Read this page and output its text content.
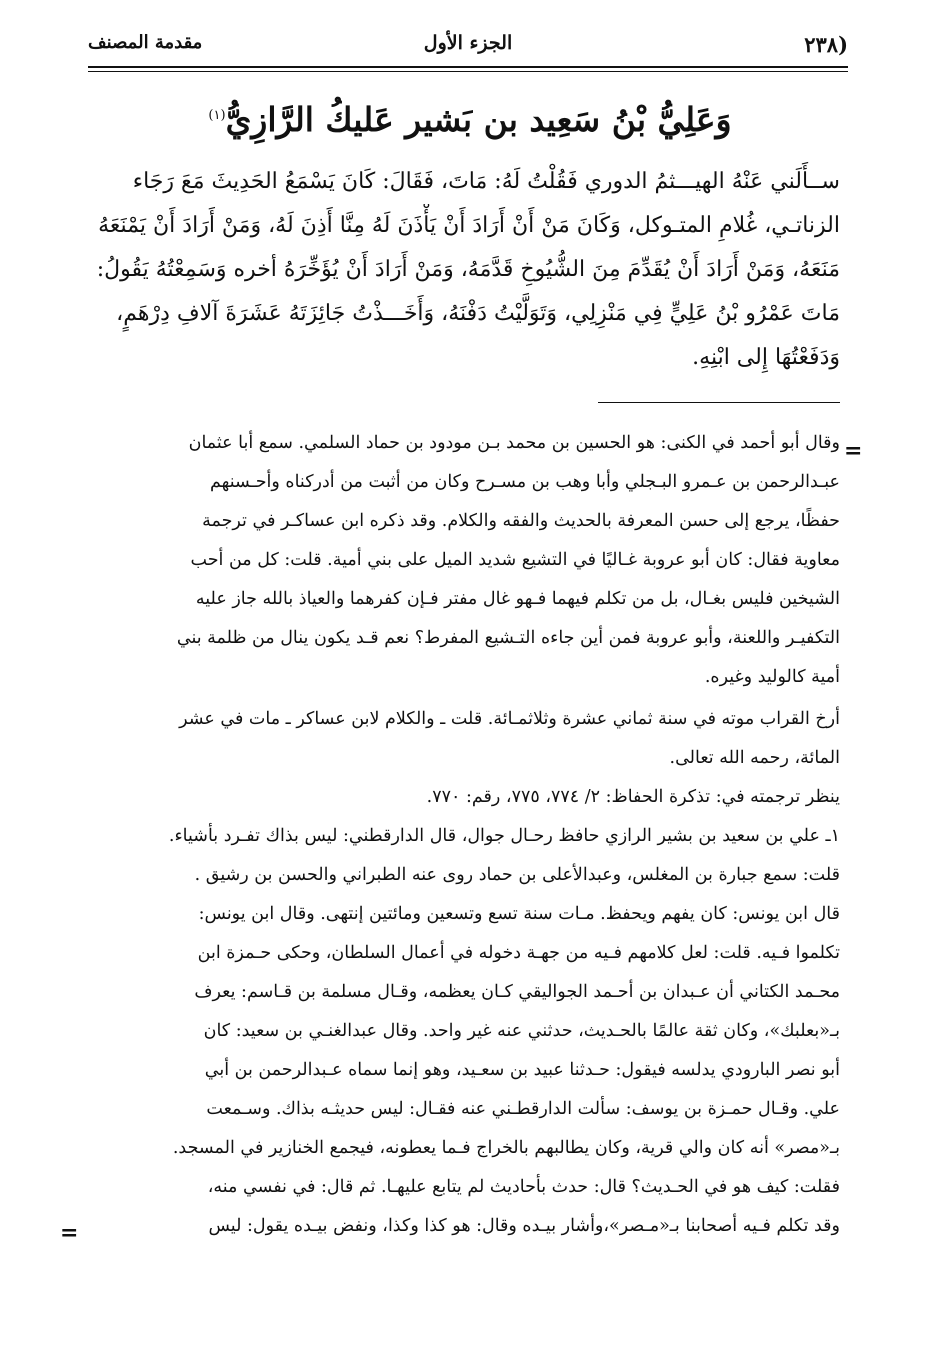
مقدمة المصنف	الجزء الأول	(٢٣٨
وَعَلِيُّ بْنُ سَعِيد بن بَشير عَليكُ الرَّازِيُّ$^{(١)}$

ســأَلَني عَنْهُ الهيـــثمُ الدوري فَقُلْتُ لَهُ: مَاتَ، فَقَالَ: كَانَ يَسْمَعُ الحَدِيثَ مَعَ رَجَاء
الزناتـي، غُلامِ المتـوكل، وَكَانَ مَنْ أَنْ أَرَادَ أَنْ يَأْذَنَ لَهُ مِنَّا أَذِنَ لَهُ، وَمَنْ أَرَادَ أَنْ يَمْنَعَهُ
مَنَعَهُ، وَمَنْ أَرَادَ أَنْ يُقَدِّمَ مِنَ الشُّيُوخِ قَدَّمَهُ، وَمَنْ أَرَادَ أَنْ يُؤَخِّرَهُ أخره وَسَمِعْتُهُ يَقُولُ:
مَاتَ عَمْرُو بْنُ عَلِيٍّ فِي مَنْزِلِي، وَتَوَلَّيْتُ دَفْنَهُ، وَأَخَـــذْتُ جَائِزَتَهُ عَشَرَةَ آلافِ دِرْهَمٍ،
وَدَفَعْتُهَا إِلى ابْنِهِ.

=
=
وقال أبو أحمد في الكنى: هو الحسين بن محمد بـن مودود بن حماد السلمي. سمع أبا عثمان
عبـدالرحمن بن عـمرو البـجلي وأبا وهب بن مسـرح وكان من أثبت من أدركناه وأحـسنهم
حفظًا، يرجع إلى حسن المعرفة بالحديث والفقه والكلام. وقد ذكره ابن عساكـر في ترجمة
معاوية فقال: كان أبو عروبة غـاليًا في التشيع شديد الميل على بني أمية. قلت: كل من أحب
الشيخين فليس بغـال، بل من تكلم فيهما فـهو غال مفتر فـإن كفرهما والعياذ بالله جاز عليه
التكفيـر واللعنة، وأبو عروبة فمن أين جاءه التـشيع المفرط؟ نعم قـد يكون ينال من ظلمة بني
أمية كالوليد وغيره.
أرخ القراب موته في سنة ثماني عشرة وثلاثمـائة. قلت ـ والكلام لابن عساكر ـ مات في عشر
المائة، رحمه الله تعالى.
ينظر ترجمته في: تذكرة الحفاظ: ٢/ ٧٧٤، ٧٧٥، رقم: ٧٧٠.
١ـ علي بن سعيد بن بشير الرازي حافظ رحـال جوال، قال الدارقطني: ليس بذاك تفـرد بأشياء.
قلت: سمع جبارة بن المغلس، وعبدالأعلى بن حماد روى عنه الطبراني والحسن بن رشيق .
قال ابن يونس: كان يفهم ويحفظ. مـات سنة تسع وتسعين ومائتين إنتهى. وقال ابن يونس:
تكلموا فـيه. قلت: لعل كلامهم فـيه من جهـة دخوله في أعمال السلطان، وحكى حـمزة ابن
محـمد الكتاني أن عـبدان بن أحـمد الجواليقي كـان يعظمه، وقـال مسلمة بن قـاسم: يعرف
بـ«بعلبك»، وكان ثقة عالمًا بالحـديث، حدثني عنه غير واحد. وقال عبدالغنـي بن سعيد: كان
أبو نصر البارودي يدلسه فيقول: حـدثنا عبيد بن سعـيد، وهو إنما سماه عـبدالرحمن بن أبي
علي. وقـال حمـزة بن يوسف: سألت الدارقطـني عنه فقـال: ليس حديثـه بذاك. وسـمعت
بـ«مصر» أنه كان والي قرية، وكان يطالبهم بالخراج فـما يعطونه، فيجمع الخنازير في المسجد.
فقلت: كيف هو في الحـديث؟ قال: حدث بأحاديث لم يتابع عليهـا. ثم قال: في نفسي منه،
وقد تكلم فـيه أصحابنا بـ«مـصر»،وأشار بيـده وقال: هو كذا وكذا، ونفض بيـده يقول: ليس
